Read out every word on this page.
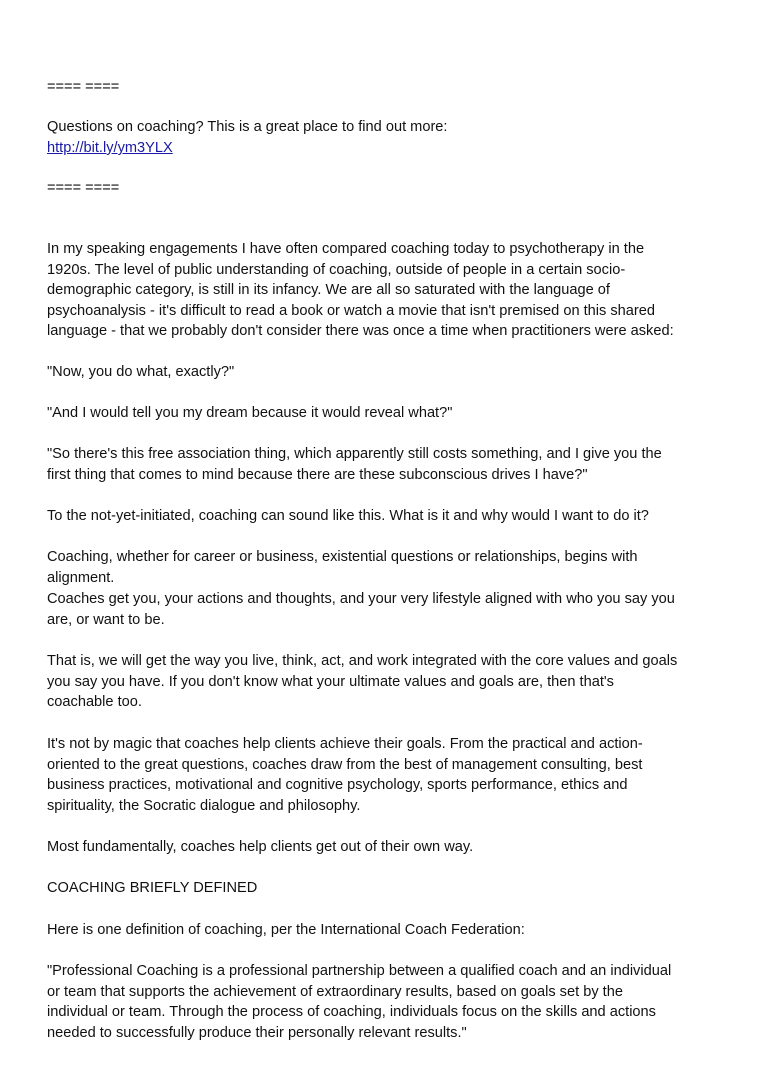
==== ====
Questions on coaching? This is a great place to find out more:
http://bit.ly/ym3YLX
==== ====
In my speaking engagements I have often compared coaching today to psychotherapy in the
1920s. The level of public understanding of coaching, outside of people in a certain socio-
demographic category, is still in its infancy. We are all so saturated with the language of
psychoanalysis - it's difficult to read a book or watch a movie that isn't premised on this shared
language - that we probably don't consider there was once a time when practitioners were asked:
"Now, you do what, exactly?"
"And I would tell you my dream because it would reveal what?"
"So there's this free association thing, which apparently still costs something, and I give you the
first thing that comes to mind because there are these subconscious drives I have?"
To the not-yet-initiated, coaching can sound like this. What is it and why would I want to do it?
Coaching, whether for career or business, existential questions or relationships, begins with
alignment.
Coaches get you, your actions and thoughts, and your very lifestyle aligned with who you say you
are, or want to be.
That is, we will get the way you live, think, act, and work integrated with the core values and goals
you say you have. If you don't know what your ultimate values and goals are, then that's
coachable too.
It's not by magic that coaches help clients achieve their goals. From the practical and action-
oriented to the great questions, coaches draw from the best of management consulting, best
business practices, motivational and cognitive psychology, sports performance, ethics and
spirituality, the Socratic dialogue and philosophy.
Most fundamentally, coaches help clients get out of their own way.
COACHING BRIEFLY DEFINED
Here is one definition of coaching, per the International Coach Federation:
"Professional Coaching is a professional partnership between a qualified coach and an individual
or team that supports the achievement of extraordinary results, based on goals set by the
individual or team. Through the process of coaching, individuals focus on the skills and actions
needed to successfully produce their personally relevant results."
